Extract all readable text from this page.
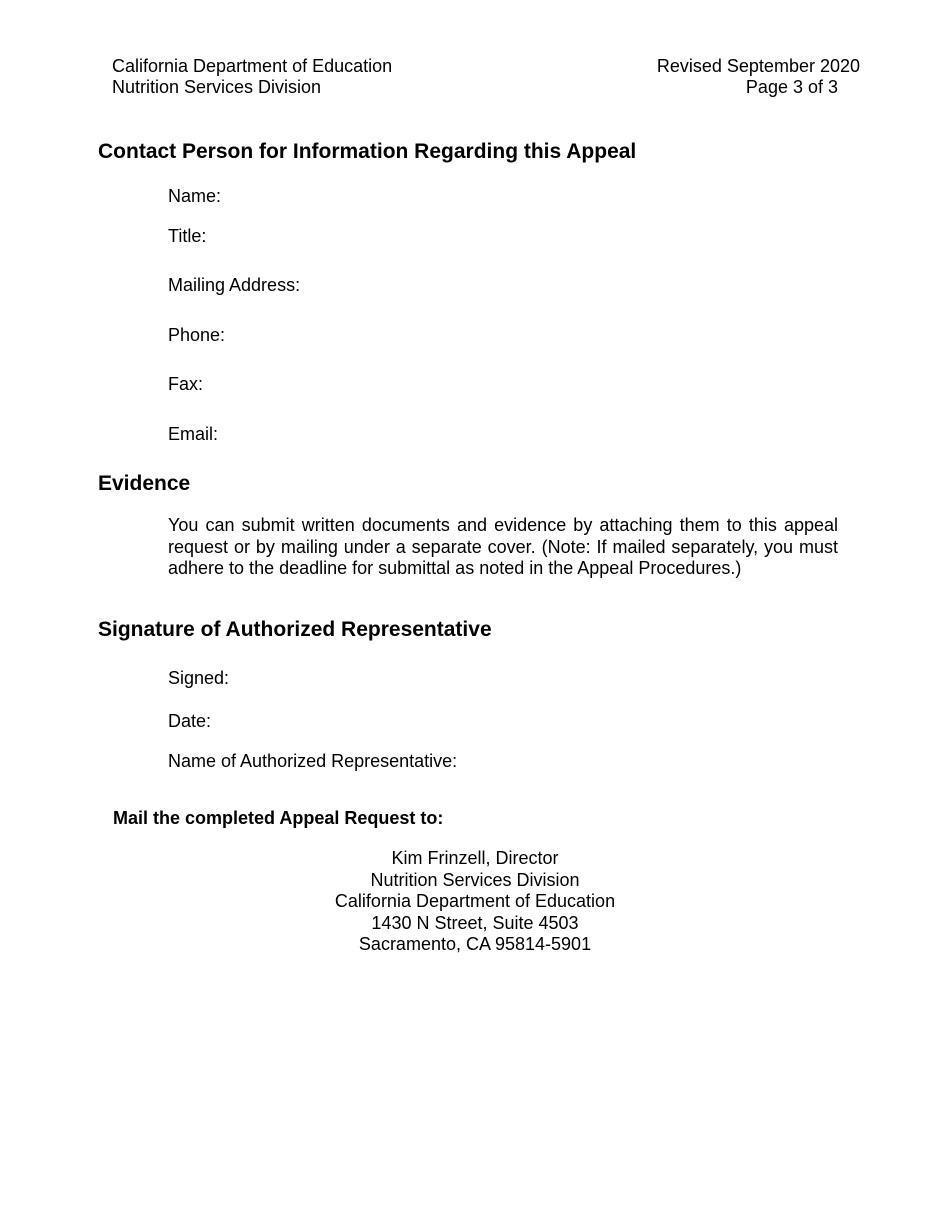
California Department of Education
Nutrition Services Division
Revised September 2020
Page 3 of 3
Contact Person for Information Regarding this Appeal
Name:
Title:
Mailing Address:
Phone:
Fax:
Email:
Evidence
You can submit written documents and evidence by attaching them to this appeal request or by mailing under a separate cover. (Note: If mailed separately, you must adhere to the deadline for submittal as noted in the Appeal Procedures.)
Signature of Authorized Representative
Signed:
Date:
Name of Authorized Representative:
Mail the completed Appeal Request to:
Kim Frinzell, Director
Nutrition Services Division
California Department of Education
1430 N Street, Suite 4503
Sacramento, CA 95814-5901
